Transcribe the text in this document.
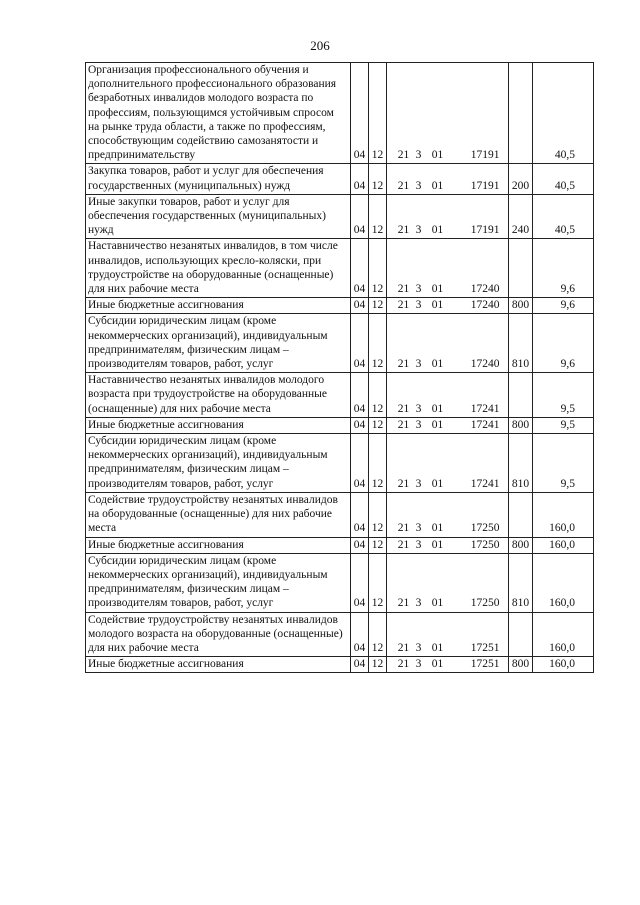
206
Организация профессионального обучения и дополнительного профессионального образования безработных инвалидов молодого возраста по профессиям, пользующимся устойчивым спросом на рынке труда области, а также по профессиям, способствующим содействию самозанятости и предпринимательству	04	12	21 3 01 17191		40,5
Закупка товаров, работ и услуг для обеспечения государственных (муниципальных) нужд	04	12	21 3 01 17191	200	40,5
Иные закупки товаров, работ и услуг для обеспечения государственных (муниципальных) нужд	04	12	21 3 01 17191	240	40,5
Наставничество незанятых инвалидов, в том числе инвалидов, использующих кресло-коляски, при трудоустройстве на оборудованные (оснащенные) для них рабочие места	04	12	21 3 01 17240		9,6
Иные бюджетные ассигнования	04	12	21 3 01 17240	800	9,6
Субсидии юридическим лицам (кроме некоммерческих организаций), индивидуальным предпринимателям, физическим лицам – производителям товаров, работ, услуг	04	12	21 3 01 17240	810	9,6
Наставничество незанятых инвалидов молодого возраста при трудоустройстве на оборудованные (оснащенные) для них рабочие места	04	12	21 3 01 17241		9,5
Иные бюджетные ассигнования	04	12	21 3 01 17241	800	9,5
Субсидии юридическим лицам (кроме некоммерческих организаций), индивидуальным предпринимателям, физическим лицам – производителям товаров, работ, услуг	04	12	21 3 01 17241	810	9,5
Содействие трудоустройству незанятых инвалидов на оборудованные (оснащенные) для них рабочие места	04	12	21 3 01 17250		160,0
Иные бюджетные ассигнования	04	12	21 3 01 17250	800	160,0
Субсидии юридическим лицам (кроме некоммерческих организаций), индивидуальным предпринимателям, физическим лицам – производителям товаров, работ, услуг	04	12	21 3 01 17250	810	160,0
Содействие трудоустройству незанятых инвалидов молодого возраста на оборудованные (оснащенные) для них рабочие места	04	12	21 3 01 17251		160,0
Иные бюджетные ассигнования	04	12	21 3 01 17251	800	160,0
